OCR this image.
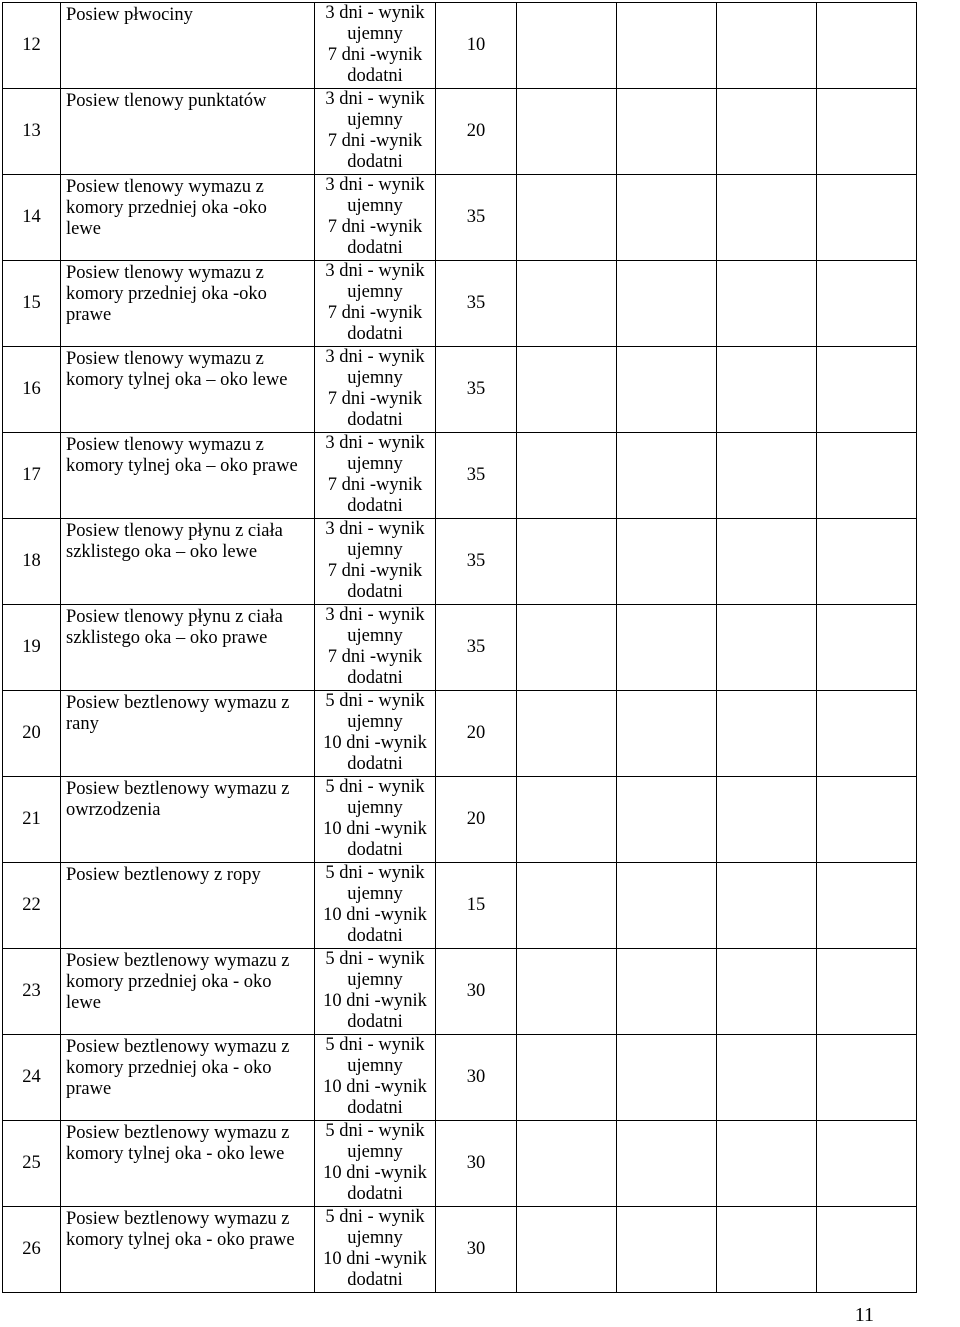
12	Posiew płwociny	3 dni - wynik
ujemny
7 dni -wynik
dodatni	10				
13	Posiew tlenowy punktatów	3 dni - wynik
ujemny
7 dni -wynik
dodatni	20				
14	Posiew tlenowy wymazu z
komory przedniej oka -oko
lewe	3 dni - wynik
ujemny
7 dni -wynik
dodatni	35				
15	Posiew tlenowy wymazu z
komory przedniej oka -oko
prawe	3 dni - wynik
ujemny
7 dni -wynik
dodatni	35				
16	Posiew tlenowy wymazu z
komory tylnej oka – oko lewe	3 dni - wynik
ujemny
7 dni -wynik
dodatni	35				
17	Posiew tlenowy wymazu z
komory tylnej oka – oko prawe	3 dni - wynik
ujemny
7 dni -wynik
dodatni	35				
18	Posiew tlenowy płynu z ciała
szklistego oka – oko lewe	3 dni - wynik
ujemny
7 dni -wynik
dodatni	35				
19	Posiew tlenowy płynu z ciała
szklistego oka – oko prawe	3 dni - wynik
ujemny
7 dni -wynik
dodatni	35				
20	Posiew beztlenowy wymazu z
rany	5 dni - wynik
ujemny
10 dni -wynik
dodatni	20				
21	Posiew beztlenowy wymazu z
owrzodzenia	5 dni - wynik
ujemny
10 dni -wynik
dodatni	20				
22	Posiew beztlenowy z ropy	5 dni - wynik
ujemny
10 dni -wynik
dodatni	15				
23	Posiew beztlenowy wymazu z
komory przedniej oka - oko
lewe	5 dni - wynik
ujemny
10 dni -wynik
dodatni	30				
24	Posiew beztlenowy wymazu z
komory przedniej oka - oko
prawe	5 dni - wynik
ujemny
10 dni -wynik
dodatni	30				
25	Posiew beztlenowy wymazu z
komory tylnej oka - oko lewe	5 dni - wynik
ujemny
10 dni -wynik
dodatni	30				
26	Posiew beztlenowy wymazu z
komory tylnej oka - oko prawe	5 dni - wynik
ujemny
10 dni -wynik
dodatni	30				
11
